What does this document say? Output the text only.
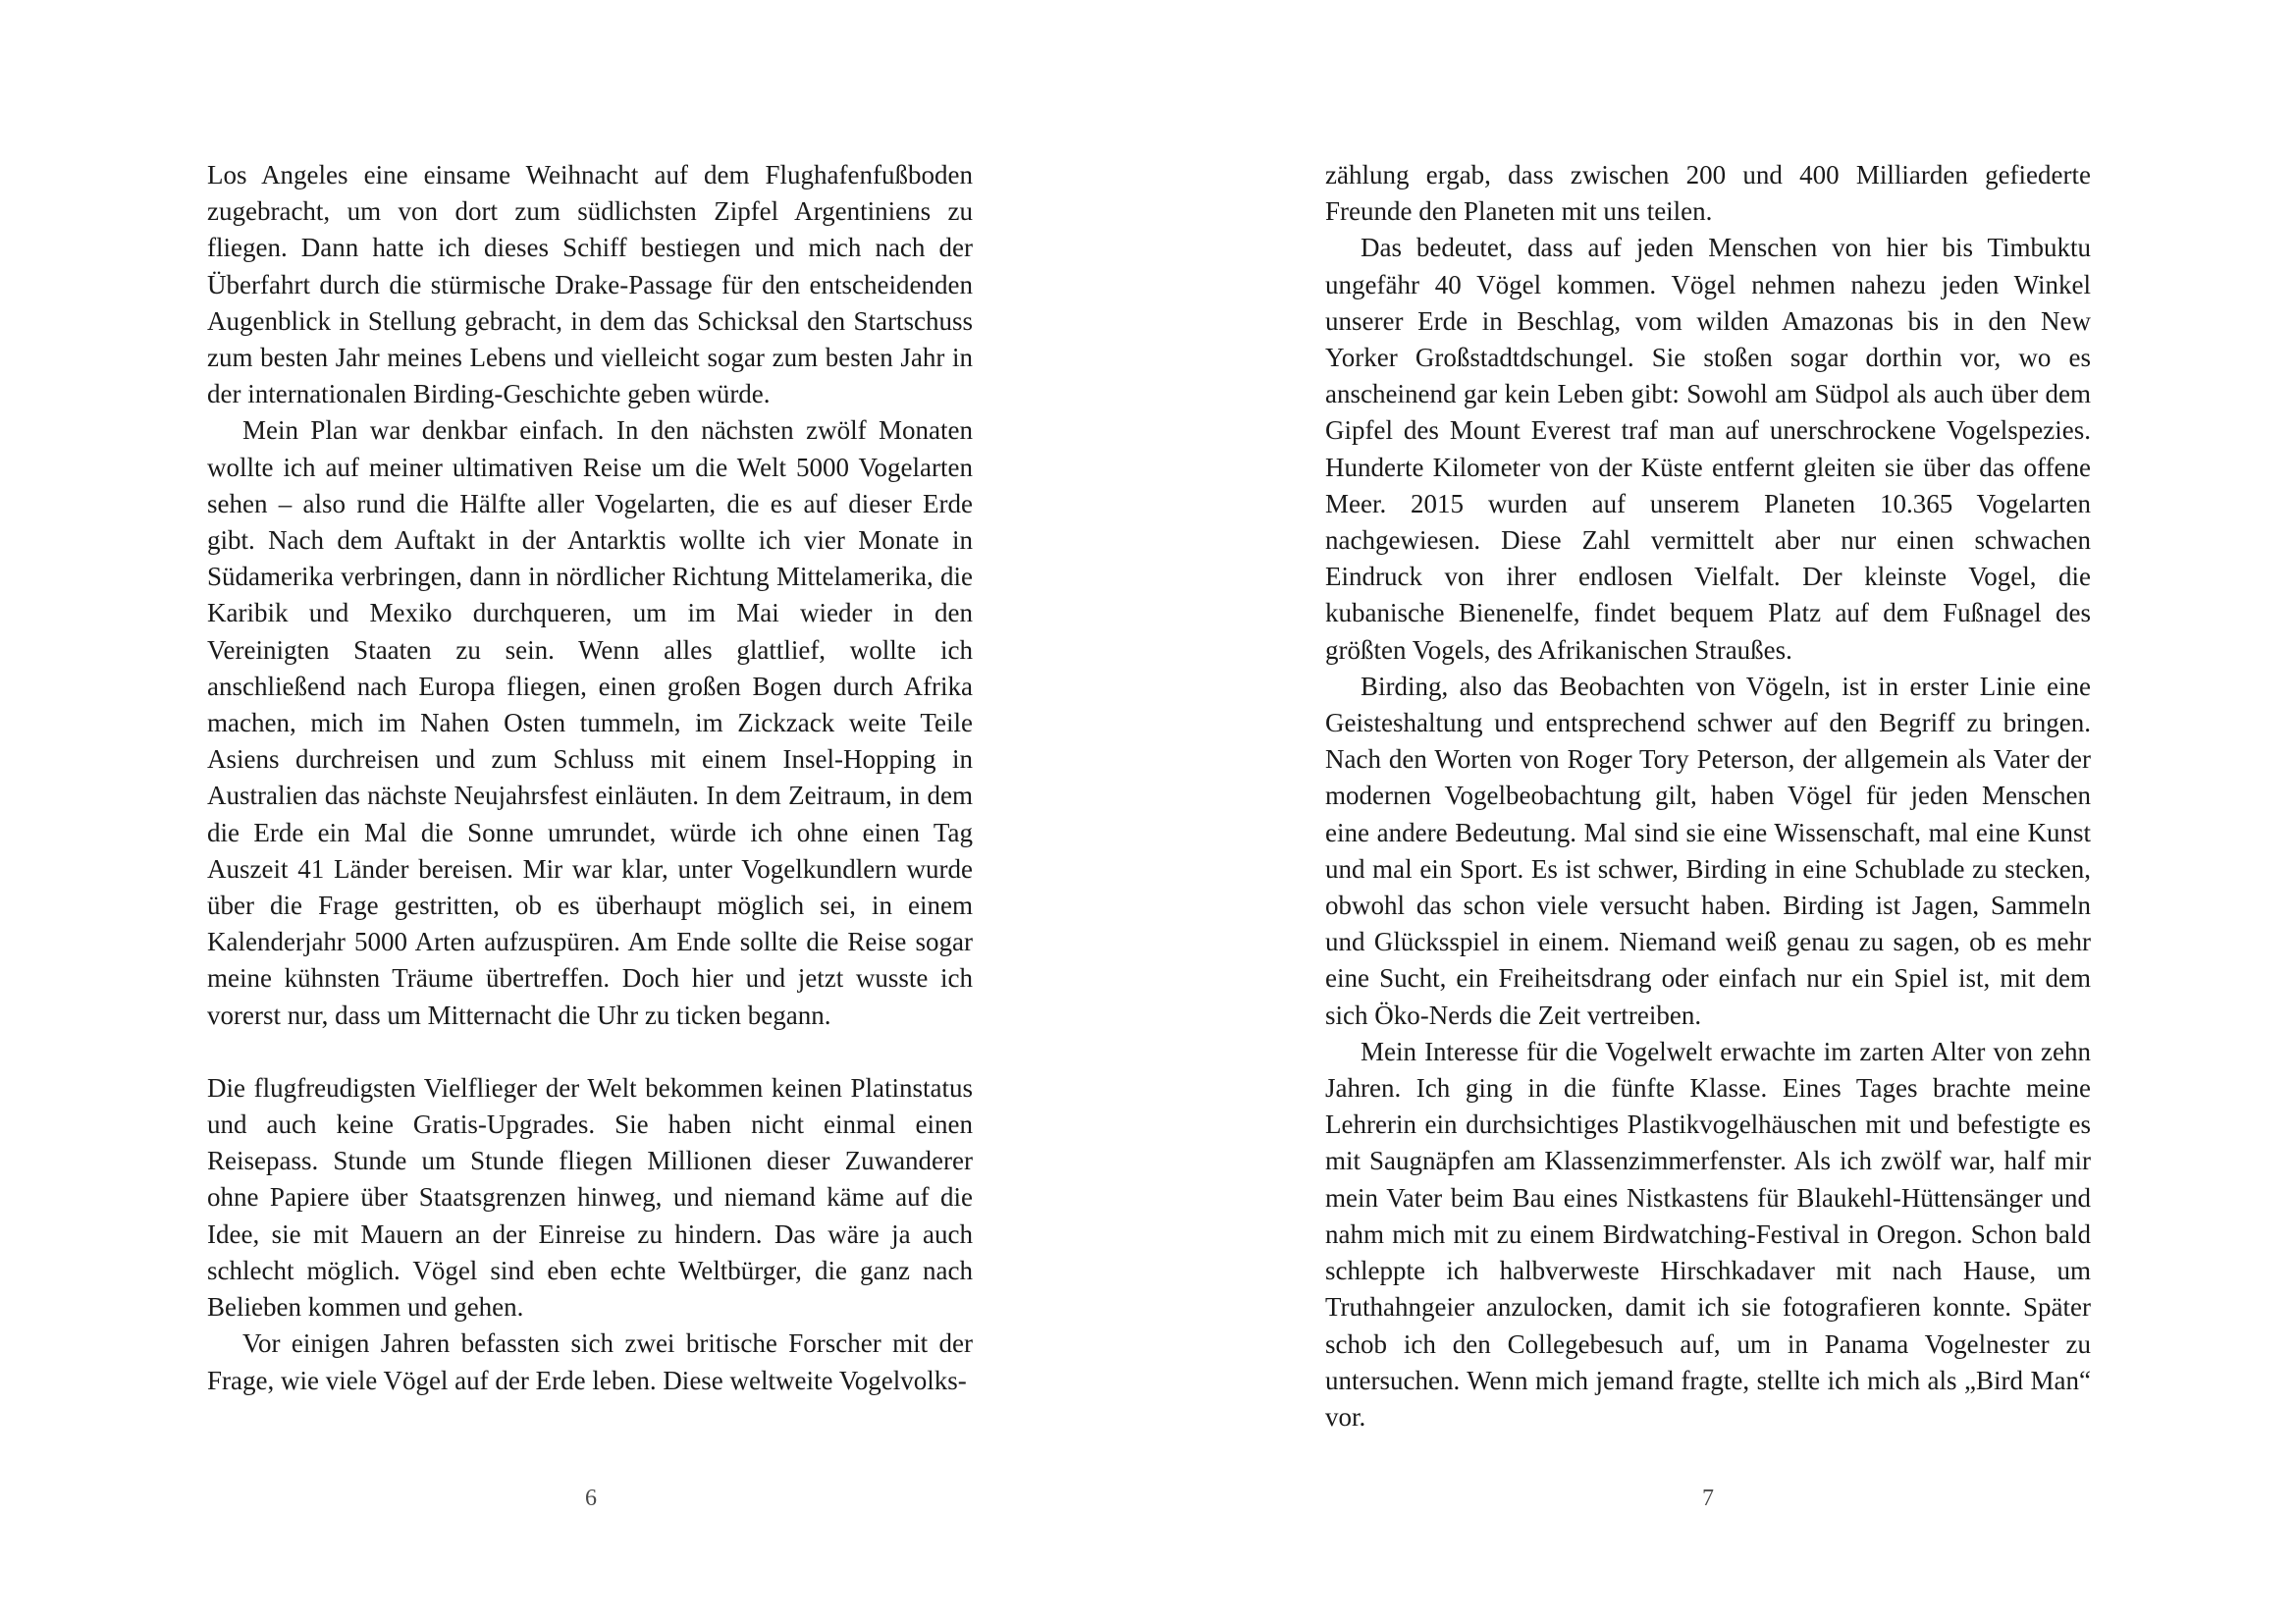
Los Angeles eine einsame Weihnacht auf dem Flughafenfußboden zugebracht, um von dort zum südlichsten Zipfel Argentiniens zu fliegen. Dann hatte ich dieses Schiff bestiegen und mich nach der Überfahrt durch die stürmische Drake-Passage für den entscheidenden Augenblick in Stellung gebracht, in dem das Schicksal den Startschuss zum besten Jahr meines Lebens und vielleicht sogar zum besten Jahr in der internationalen Birding-Geschichte geben würde.

Mein Plan war denkbar einfach. In den nächsten zwölf Monaten wollte ich auf meiner ultimativen Reise um die Welt 5000 Vogelarten sehen – also rund die Hälfte aller Vogelarten, die es auf dieser Erde gibt. Nach dem Auftakt in der Antarktis wollte ich vier Monate in Südamerika verbringen, dann in nördlicher Richtung Mittelamerika, die Karibik und Mexiko durchqueren, um im Mai wieder in den Vereinigten Staaten zu sein. Wenn alles glattlief, wollte ich anschließend nach Europa fliegen, einen großen Bogen durch Afrika machen, mich im Nahen Osten tummeln, im Zickzack weite Teile Asiens durchreisen und zum Schluss mit einem Insel-Hopping in Australien das nächste Neujahrsfest einläuten. In dem Zeitraum, in dem die Erde ein Mal die Sonne umrundet, würde ich ohne einen Tag Auszeit 41 Länder bereisen. Mir war klar, unter Vogelkundlern wurde über die Frage gestritten, ob es überhaupt möglich sei, in einem Kalenderjahr 5000 Arten aufzuspüren. Am Ende sollte die Reise sogar meine kühnsten Träume übertreffen. Doch hier und jetzt wusste ich vorerst nur, dass um Mitternacht die Uhr zu ticken begann.

Die flugfreudigsten Vielflieger der Welt bekommen keinen Platinstatus und auch keine Gratis-Upgrades. Sie haben nicht einmal einen Reisepass. Stunde um Stunde fliegen Millionen dieser Zuwanderer ohne Papiere über Staatsgrenzen hinweg, und niemand käme auf die Idee, sie mit Mauern an der Einreise zu hindern. Das wäre ja auch schlecht möglich. Vögel sind eben echte Weltbürger, die ganz nach Belieben kommen und gehen.

Vor einigen Jahren befassten sich zwei britische Forscher mit der Frage, wie viele Vögel auf der Erde leben. Diese weltweite Vogelvolks-

zählung ergab, dass zwischen 200 und 400 Milliarden gefiederte Freunde den Planeten mit uns teilen.

Das bedeutet, dass auf jeden Menschen von hier bis Timbuktu ungefähr 40 Vögel kommen. Vögel nehmen nahezu jeden Winkel unserer Erde in Beschlag, vom wilden Amazonas bis in den New Yorker Großstadtdschungel. Sie stoßen sogar dorthin vor, wo es anscheinend gar kein Leben gibt: Sowohl am Südpol als auch über dem Gipfel des Mount Everest traf man auf unerschrockene Vogelspezies. Hunderte Kilometer von der Küste entfernt gleiten sie über das offene Meer. 2015 wurden auf unserem Planeten 10.365 Vogelarten nachgewiesen. Diese Zahl vermittelt aber nur einen schwachen Eindruck von ihrer endlosen Vielfalt. Der kleinste Vogel, die kubanische Bienenelfe, findet bequem Platz auf dem Fußnagel des größten Vogels, des Afrikanischen Straußes.

Birding, also das Beobachten von Vögeln, ist in erster Linie eine Geisteshaltung und entsprechend schwer auf den Begriff zu bringen. Nach den Worten von Roger Tory Peterson, der allgemein als Vater der modernen Vogelbeobachtung gilt, haben Vögel für jeden Menschen eine andere Bedeutung. Mal sind sie eine Wissenschaft, mal eine Kunst und mal ein Sport. Es ist schwer, Birding in eine Schublade zu stecken, obwohl das schon viele versucht haben. Birding ist Jagen, Sammeln und Glücksspiel in einem. Niemand weiß genau zu sagen, ob es mehr eine Sucht, ein Freiheitsdrang oder einfach nur ein Spiel ist, mit dem sich Öko-Nerds die Zeit vertreiben.

Mein Interesse für die Vogelwelt erwachte im zarten Alter von zehn Jahren. Ich ging in die fünfte Klasse. Eines Tages brachte meine Lehrerin ein durchsichtiges Plastikvogelhäuschen mit und befestigte es mit Saugnäpfen am Klassenzimmerfenster. Als ich zwölf war, half mir mein Vater beim Bau eines Nistkastens für Blaukehl-Hüttensänger und nahm mich mit zu einem Birdwatching-Festival in Oregon. Schon bald schleppte ich halbverweste Hirschkadaver mit nach Hause, um Truthahngeier anzulocken, damit ich sie fotografieren konnte. Später schob ich den Collegebesuch auf, um in Panama Vogelnester zu untersuchen. Wenn mich jemand fragte, stellte ich mich als „Bird Man“ vor.

6	7
